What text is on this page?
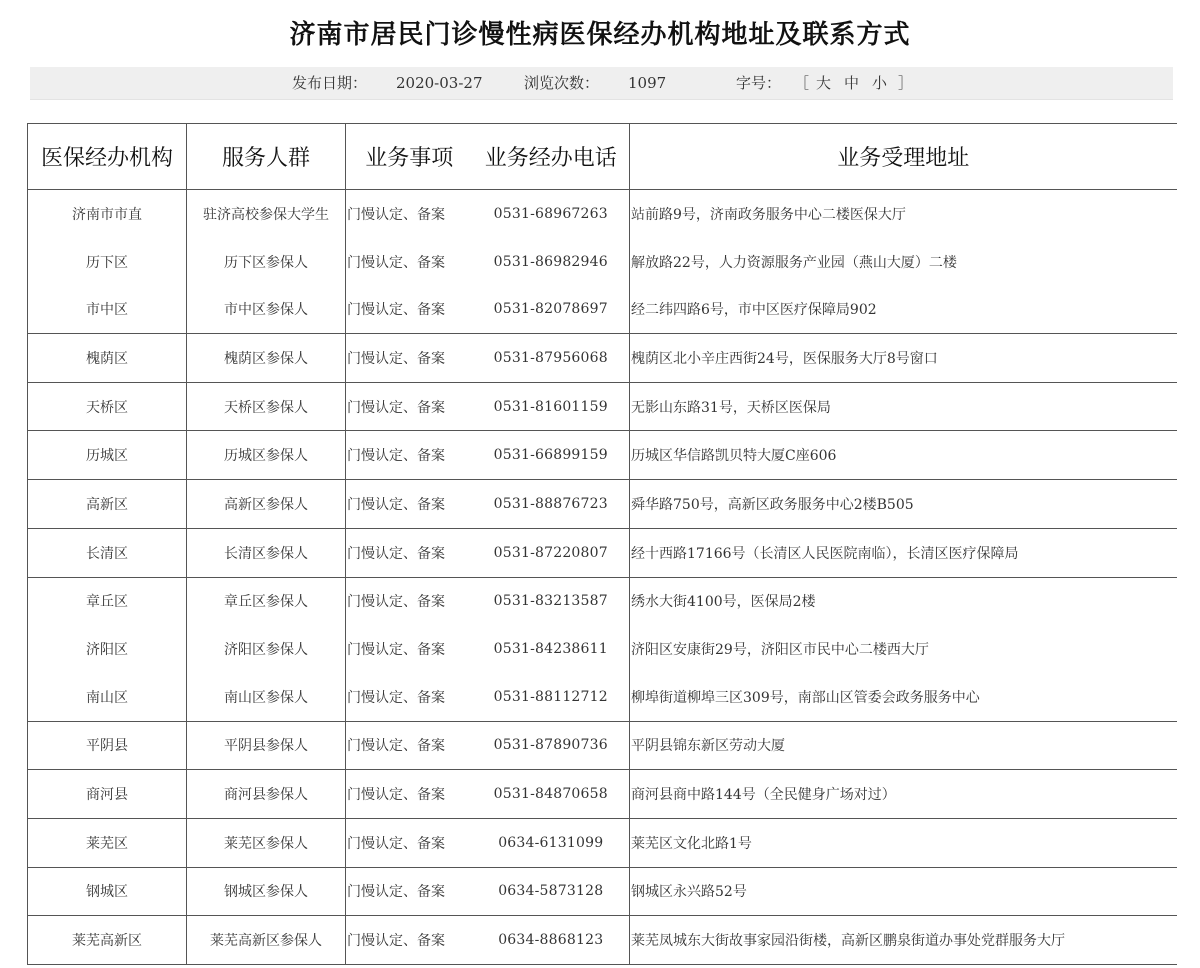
济南市居民门诊慢性病医保经办机构地址及联系方式
发布日期： 2020-03-27	浏览次数： 1097	字号： ［ 大 中 小 ］
医保经办机构	服务人群	业务事项	业务经办电话	业务受理地址
济南市市直	驻济高校参保大学生	门慢认定、备案	0531-68967263	站前路9号，济南政务服务中心二楼医保大厅
历下区	历下区参保人	门慢认定、备案	0531-86982946	解放路22号，人力资源服务产业园（燕山大厦）二楼
市中区	市中区参保人	门慢认定、备案	0531-82078697	经二纬四路6号，市中区医疗保障局902
槐荫区	槐荫区参保人	门慢认定、备案	0531-87956068	槐荫区北小辛庄西街24号，医保服务大厅8号窗口
天桥区	天桥区参保人	门慢认定、备案	0531-81601159	无影山东路31号，天桥区医保局
历城区	历城区参保人	门慢认定、备案	0531-66899159	历城区华信路凯贝特大厦C座606
高新区	高新区参保人	门慢认定、备案	0531-88876723	舜华路750号，高新区政务服务中心2楼B505
长清区	长清区参保人	门慢认定、备案	0531-87220807	经十西路17166号（长清区人民医院南临），长清区医疗保障局
章丘区	章丘区参保人	门慢认定、备案	0531-83213587	绣水大街4100号，医保局2楼
济阳区	济阳区参保人	门慢认定、备案	0531-84238611	济阳区安康街29号，济阳区市民中心二楼西大厅
南山区	南山区参保人	门慢认定、备案	0531-88112712	柳埠街道柳埠三区309号，南部山区管委会政务服务中心
平阴县	平阴县参保人	门慢认定、备案	0531-87890736	平阴县锦东新区劳动大厦
商河县	商河县参保人	门慢认定、备案	0531-84870658	商河县商中路144号（全民健身广场对过）
莱芜区	莱芜区参保人	门慢认定、备案	0634-6131099	莱芜区文化北路1号
钢城区	钢城区参保人	门慢认定、备案	0634-5873128	钢城区永兴路52号
莱芜高新区	莱芜高新区参保人	门慢认定、备案	0634-8868123	莱芜凤城东大街故事家园沿街楼，高新区鹏泉街道办事处党群服务大厅
